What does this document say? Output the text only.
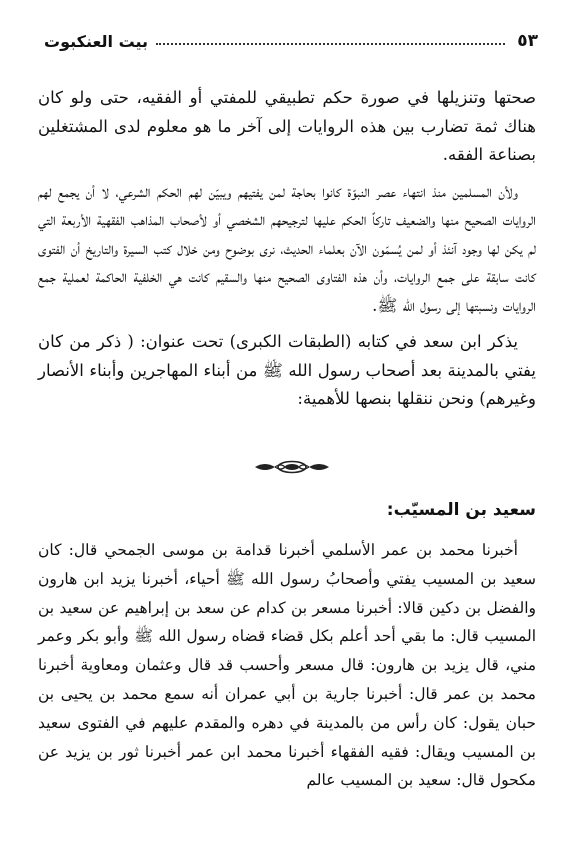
٥٣
بيت العنكبوت

صحتها وتنزيلها في صورة حكم تطبيقي للمفتي أو الفقيه، حتى ولو كان هناك ثمة تضارب بين هذه الروايات إلى آخر ما هو معلوم لدى المشتغلين بصناعة الفقه.

ولأن المسلمين منذ انتهاء عصر النبوّة كانوا بحاجة لمن يفتيهم ويبيّن لهم الحكم الشرعي، لا أن يجمع لهم الروايات الصحيح منها والضعيف تاركاً الحكم عليها لترجيحهم الشخصي أو لأصحاب المذاهب الفقهية الأربعة التي لم يكن لها وجود آنئذ أو لمن يُسمّون الآن بعلماء الحديث، نرى بوضوح ومن خلال كتب السيرة والتاريخ أن الفتوى كانت سابقة على جمع الروايات، وأن هذه الفتاوى الصحيح منها والسقيم كانت هي الخلفية الحاكمة لعملية جمع الروايات ونسبتها إلى رسول الله ﷺ.

يذكر ابن سعد في كتابه (الطبقات الكبرى) تحت عنوان: ( ذكر من كان يفتي بالمدينة بعد أصحاب رسول الله ﷺ من أبناء المهاجرين وأبناء الأنصار وغيرهم) ونحن ننقلها بنصها للأهمية:

سعيد بن المسيّب:

أخبرنا محمد بن عمر الأسلمي أخبرنا قدامة بن موسى الجمحي قال: كان سعيد بن المسيب يفتي وأصحابُ رسول الله ﷺ أحياء، أخبرنا يزيد ابن هارون والفضل بن دكين قالا: أخبرنا مسعر بن كدام عن سعد بن إبراهيم عن سعيد بن المسيب قال: ما بقي أحد أعلم بكل قضاء قضاه رسول الله ﷺ وأبو بكر وعمر مني، قال يزيد بن هارون: قال مسعر وأحسب قد قال وعثمان ومعاوية أخبرنا محمد بن عمر قال: أخبرنا جارية بن أبي عمران أنه سمع محمد بن يحيى بن حبان يقول: كان رأس من بالمدينة في دهره والمقدم عليهم في الفتوى سعيد بن المسيب ويقال: فقيه الفقهاء أخبرنا محمد ابن عمر أخبرنا ثور بن يزيد عن مكحول قال: سعيد بن المسيب عالم
